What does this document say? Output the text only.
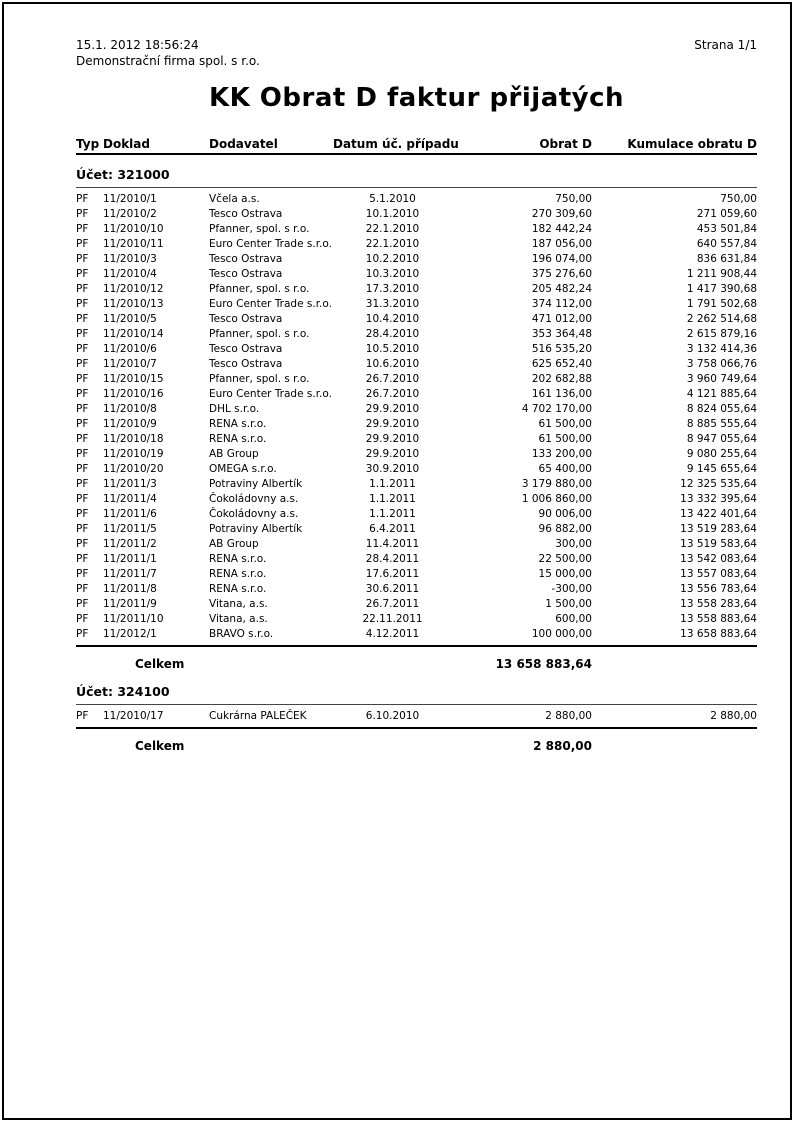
15.1. 2012 18:56:24
Demonstrační firma spol. s r.o.
Strana 1/1
KK Obrat D faktur přijatých
Typ Doklad	Dodavatel	Datum úč. případu	Obrat D	Kumulace obratu D
Účet: 321000
PF	11/2010/1	Včela a.s.	5.1.2010	750,00	750,00
PF	11/2010/2	Tesco Ostrava	10.1.2010	270 309,60	271 059,60
PF	11/2010/10	Pfanner, spol. s r.o.	22.1.2010	182 442,24	453 501,84
PF	11/2010/11	Euro Center Trade s.r.o.	22.1.2010	187 056,00	640 557,84
PF	11/2010/3	Tesco Ostrava	10.2.2010	196 074,00	836 631,84
PF	11/2010/4	Tesco Ostrava	10.3.2010	375 276,60	1 211 908,44
PF	11/2010/12	Pfanner, spol. s r.o.	17.3.2010	205 482,24	1 417 390,68
PF	11/2010/13	Euro Center Trade s.r.o.	31.3.2010	374 112,00	1 791 502,68
PF	11/2010/5	Tesco Ostrava	10.4.2010	471 012,00	2 262 514,68
PF	11/2010/14	Pfanner, spol. s r.o.	28.4.2010	353 364,48	2 615 879,16
PF	11/2010/6	Tesco Ostrava	10.5.2010	516 535,20	3 132 414,36
PF	11/2010/7	Tesco Ostrava	10.6.2010	625 652,40	3 758 066,76
PF	11/2010/15	Pfanner, spol. s r.o.	26.7.2010	202 682,88	3 960 749,64
PF	11/2010/16	Euro Center Trade s.r.o.	26.7.2010	161 136,00	4 121 885,64
PF	11/2010/8	DHL s.r.o.	29.9.2010	4 702 170,00	8 824 055,64
PF	11/2010/9	RENA s.r.o.	29.9.2010	61 500,00	8 885 555,64
PF	11/2010/18	RENA s.r.o.	29.9.2010	61 500,00	8 947 055,64
PF	11/2010/19	AB Group	29.9.2010	133 200,00	9 080 255,64
PF	11/2010/20	OMEGA s.r.o.	30.9.2010	65 400,00	9 145 655,64
PF	11/2011/3	Potraviny Albertík	1.1.2011	3 179 880,00	12 325 535,64
PF	11/2011/4	Čokoládovny a.s.	1.1.2011	1 006 860,00	13 332 395,64
PF	11/2011/6	Čokoládovny a.s.	1.1.2011	90 006,00	13 422 401,64
PF	11/2011/5	Potraviny Albertík	6.4.2011	96 882,00	13 519 283,64
PF	11/2011/2	AB Group	11.4.2011	300,00	13 519 583,64
PF	11/2011/1	RENA s.r.o.	28.4.2011	22 500,00	13 542 083,64
PF	11/2011/7	RENA s.r.o.	17.6.2011	15 000,00	13 557 083,64
PF	11/2011/8	RENA s.r.o.	30.6.2011	-300,00	13 556 783,64
PF	11/2011/9	Vitana, a.s.	26.7.2011	1 500,00	13 558 283,64
PF	11/2011/10	Vitana, a.s.	22.11.2011	600,00	13 558 883,64
PF	11/2012/1	BRAVO s.r.o.	4.12.2011	100 000,00	13 658 883,64
Celkem	13 658 883,64
Účet: 324100
PF	11/2010/17	Cukrárna PALEČEK	6.10.2010	2 880,00	2 880,00
Celkem	2 880,00
